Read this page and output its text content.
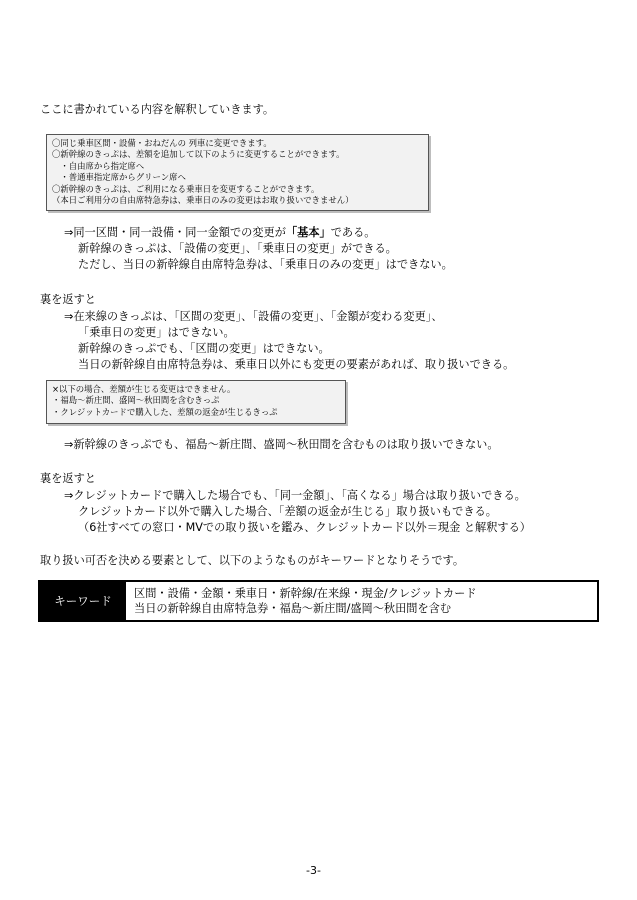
ここに書かれている内容を解釈していきます。
〇同じ乗車区間・設備・おねだんの 列車に変更できます。
〇新幹線のきっぷは、差額を追加して以下のように変更することができます。
　・自由席から指定席へ
　・普通車指定席からグリーン席へ
〇新幹線のきっぷは、ご利用になる乗車日を変更することができます。
（本日ご利用分の自由席特急券は、乗車日のみの変更はお取り扱いできません）
⇒同一区間・同一設備・同一金額での変更が「基本」である。
新幹線のきっぷは、「設備の変更」、「乗車日の変更」ができる。
ただし、当日の新幹線自由席特急券は、「乗車日のみの変更」はできない。
裏を返すと
⇒在来線のきっぷは、「区間の変更」、「設備の変更」、「金額が変わる変更」、
「乗車日の変更」はできない。
新幹線のきっぷでも、「区間の変更」はできない。
当日の新幹線自由席特急券は、乗車日以外にも変更の要素があれば、取り扱いできる。
×以下の場合、差額が生じる変更はできません。
・福島～新庄間、盛岡～秋田間を含むきっぷ
・クレジットカードで購入した、差額の返金が生じるきっぷ
⇒新幹線のきっぷでも、福島～新庄間、盛岡～秋田間を含むものは取り扱いできない。
裏を返すと
⇒クレジットカードで購入した場合でも、「同一金額」、「高くなる」場合は取り扱いできる。
クレジットカード以外で購入した場合、「差額の返金が生じる」取り扱いもできる。
（6社すべての窓口・MVでの取り扱いを鑑み、クレジットカード以外＝現金 と解釈する）
取り扱い可否を決める要素として、以下のようなものがキーワードとなりそうです。
キーワード
区間・設備・金額・乗車日・新幹線/在来線・現金/クレジットカード
当日の新幹線自由席特急券・福島～新庄間/盛岡～秋田間を含む
-3-
